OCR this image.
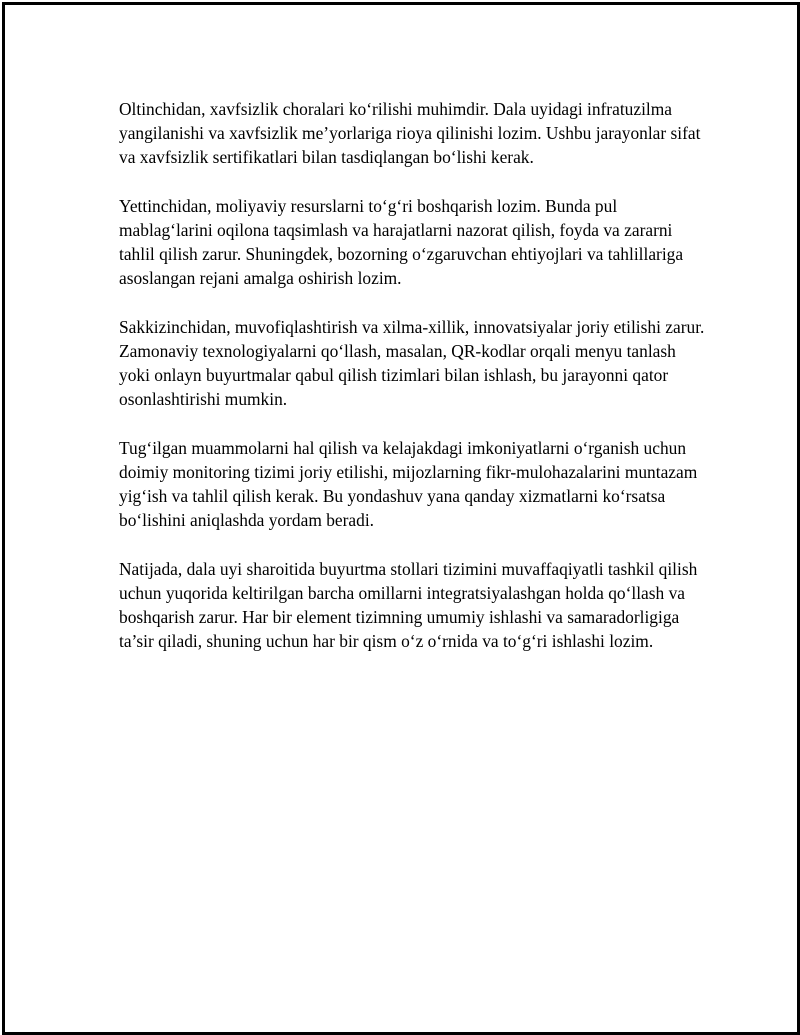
Oltinchidan, xavfsizlik choralari ko‘rilishi muhimdir. Dala uyidagi infratuzilma yangilanishi va xavfsizlik me’yorlariga rioya qilinishi lozim. Ushbu jarayonlar sifat va xavfsizlik sertifikatlari bilan tasdiqlangan bo‘lishi kerak.

Yettinchidan, moliyaviy resurslarni to‘g‘ri boshqarish lozim. Bunda pul mablag‘larini oqilona taqsimlash va harajatlarni nazorat qilish, foyda va zararni tahlil qilish zarur. Shuningdek, bozorning o‘zgaruvchan ehtiyojlari va tahlillariga asoslangan rejani amalga oshirish lozim.

Sakkizinchidan, muvofiqlashtirish va xilma-xillik, innovatsiyalar joriy etilishi zarur. Zamonaviy texnologiyalarni qo‘llash, masalan, QR-kodlar orqali menyu tanlash yoki onlayn buyurtmalar qabul qilish tizimlari bilan ishlash, bu jarayonni qator osonlashtirishi mumkin.

Tug‘ilgan muammolarni hal qilish va kelajakdagi imkoniyatlarni o‘rganish uchun doimiy monitoring tizimi joriy etilishi, mijozlarning fikr-mulohazalarini muntazam yig‘ish va tahlil qilish kerak. Bu yondashuv yana qanday xizmatlarni ko‘rsatsa bo‘lishini aniqlashda yordam beradi.

Natijada, dala uyi sharoitida buyurtma stollari tizimini muvaffaqiyatli tashkil qilish uchun yuqorida keltirilgan barcha omillarni integratsiyalashgan holda qo‘llash va boshqarish zarur. Har bir element tizimning umumiy ishlashi va samaradorligiga ta’sir qiladi, shuning uchun har bir qism o‘z o‘rnida va to‘g‘ri ishlashi lozim.
